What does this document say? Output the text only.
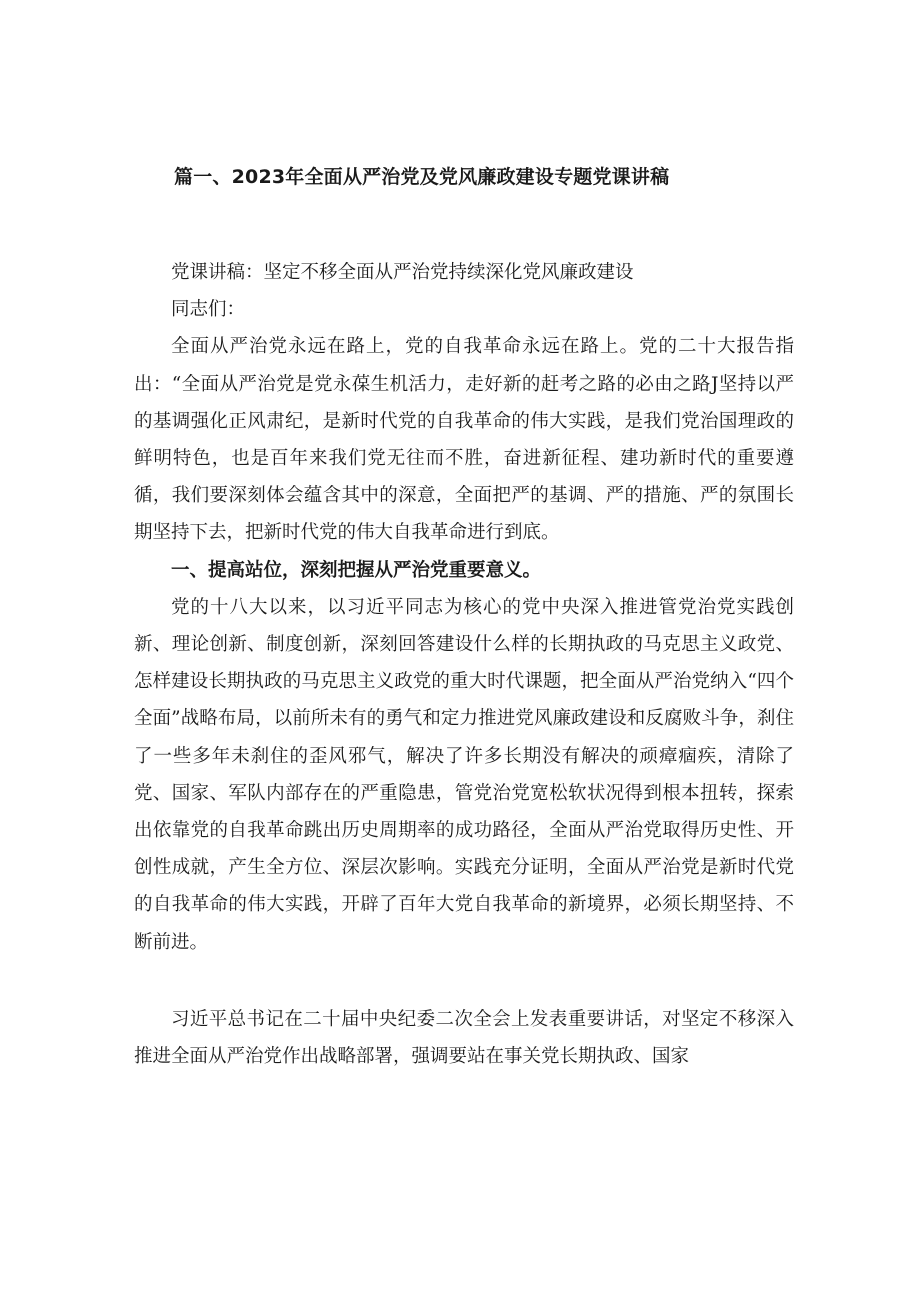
篇一、2023年全面从严治党及党风廉政建设专题党课讲稿

党课讲稿：坚定不移全面从严治党持续深化党风廉政建设

同志们：

全面从严治党永远在路上，党的自我革命永远在路上。党的二十大报告指出：“全面从严治党是党永葆生机活力，走好新的赶考之路的必由之路J坚持以严的基调强化正风肃纪，是新时代党的自我革命的伟大实践，是我们党治国理政的鲜明特色，也是百年来我们党无往而不胜，奋进新征程、建功新时代的重要遵循，我们要深刻体会蕴含其中的深意，全面把严的基调、严的措施、严的氛围长期坚持下去，把新时代党的伟大自我革命进行到底。

一、提高站位，深刻把握从严治党重要意义。

党的十八大以来，以习近平同志为核心的党中央深入推进管党治党实践创新、理论创新、制度创新，深刻回答建设什么样的长期执政的马克思主义政党、怎样建设长期执政的马克思主义政党的重大时代课题，把全面从严治党纳入“四个全面”战略布局，以前所未有的勇气和定力推进党风廉政建设和反腐败斗争，刹住了一些多年未刹住的歪风邪气，解决了许多长期没有解决的顽瘴痼疾，清除了党、国家、军队内部存在的严重隐患，管党治党宽松软状况得到根本扭转，探索出依靠党的自我革命跳出历史周期率的成功路径，全面从严治党取得历史性、开创性成就，产生全方位、深层次影响。实践充分证明，全面从严治党是新时代党的自我革命的伟大实践，开辟了百年大党自我革命的新境界，必须长期坚持、不断前进。

习近平总书记在二十届中央纪委二次全会上发表重要讲话，对坚定不移深入推进全面从严治党作出战略部署，强调要站在事关党长期执政、国家
